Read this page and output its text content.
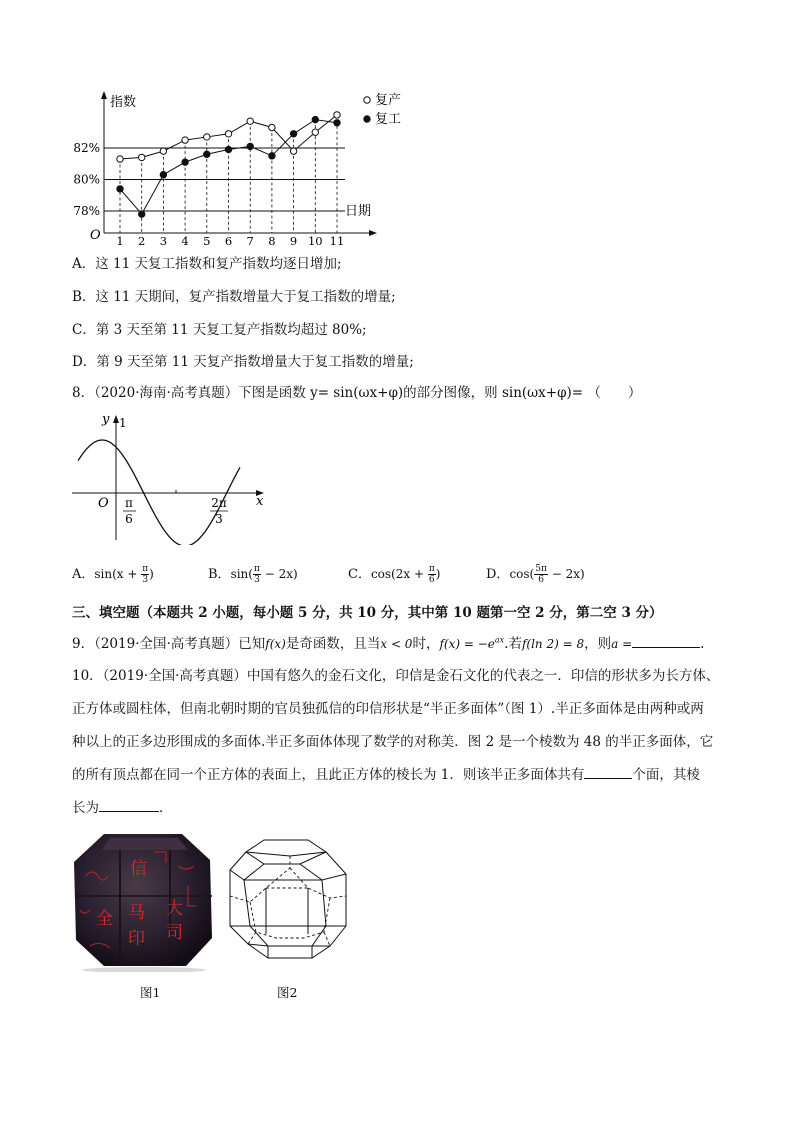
82%
80%
78%
指数
日期
O 1 2 3 4 5 6 7 8 9 10 11
复产
复工
A．这 11 天复工指数和复产指数均逐日增加;
B．这 11 天期间，复产指数增量大于复工指数的增量;
C．第 3 天至第 11 天复工复产指数均超过 80%;
D．第 9 天至第 11 天复产指数增量大于复工指数的增量;
8．（2020·海南·高考真题）下图是函数 y= sin(ωx+φ)的部分图像，则 sin(ωx+φ)= （　　）
y
x
O
1
π
6
2π
3
A．$\sin(x + \frac{\pi}{3}$ )	B．$\sin( \frac{\pi}{3} - 2x)$	C．$\cos(2x + \frac{\pi}{6}$ )	D．$\cos( \frac{5\pi}{6} - 2x)$
三、填空题（本题共 2 小题，每小题 5 分，共 10 分，其中第 10 题第一空 2 分，第二空 3 分）
9．（2019·全国·高考真题）已知f(x)是奇函数，且当x < 0时，$f(x) = -e^{ax}$.若f(ln 2) = 8，则a =	.
10．（2019·全国·高考真题）中国有悠久的金石文化，印信是金石文化的代表之一．印信的形状多为长方体、
正方体或圆柱体，但南北朝时期的官员独孤信的印信形状是“半正多面体”（图 1）.半正多面体是由两种或两
种以上的正多边形围成的多面体.半正多面体体现了数学的对称美．图 2 是一个棱数为 48 的半正多面体，它
的所有顶点都在同一个正方体的表面上，且此正方体的棱长为 1．则该半正多面体共有	个面，其棱
长为	．
马 大
司
全
印
信
图1	图2
